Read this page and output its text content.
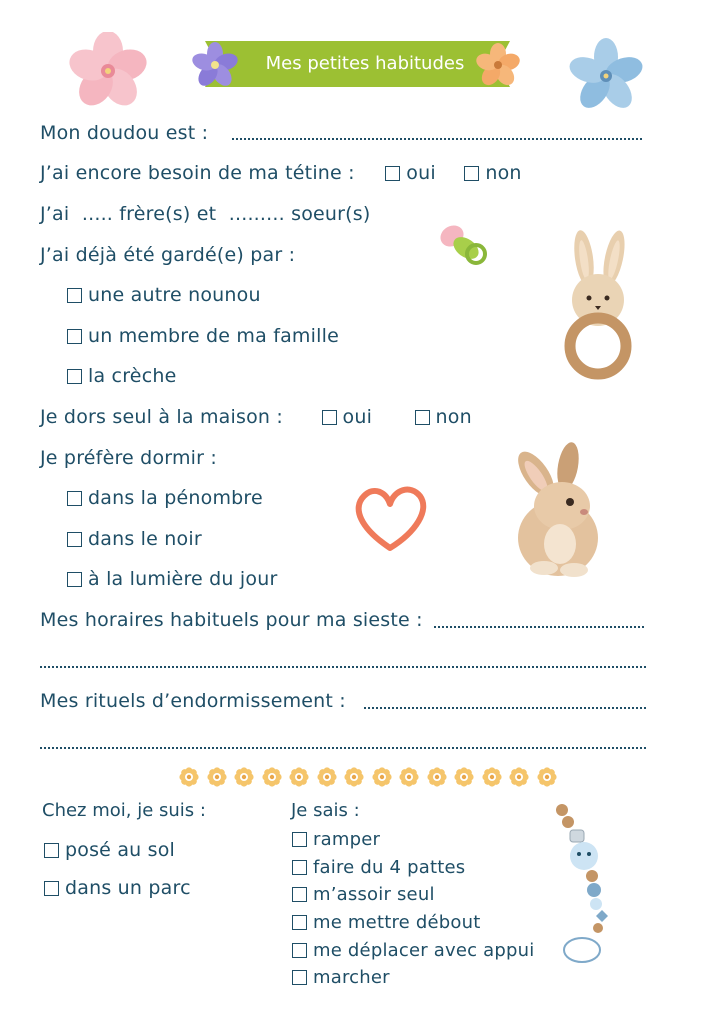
Mes petites habitudes
Mon doudou est :
J’ai encore besoin de ma tétine :	oui	non
J’ai  ..... frère(s) et  ......... soeur(s)
J’ai déjà été gardé(e) par :
une autre nounou
un membre de ma famille
la crèche
Je dors seul à la maison :	oui	non
Je préfère dormir :
dans la pénombre
dans le noir
à la lumière du jour
Mes horaires habituels pour ma sieste :
Mes rituels d’endormissement :
Chez moi, je suis :
posé au sol
dans un parc
Je sais :
ramper
faire du 4 pattes
m’assoir seul
me mettre débout
me déplacer avec appui
marcher
